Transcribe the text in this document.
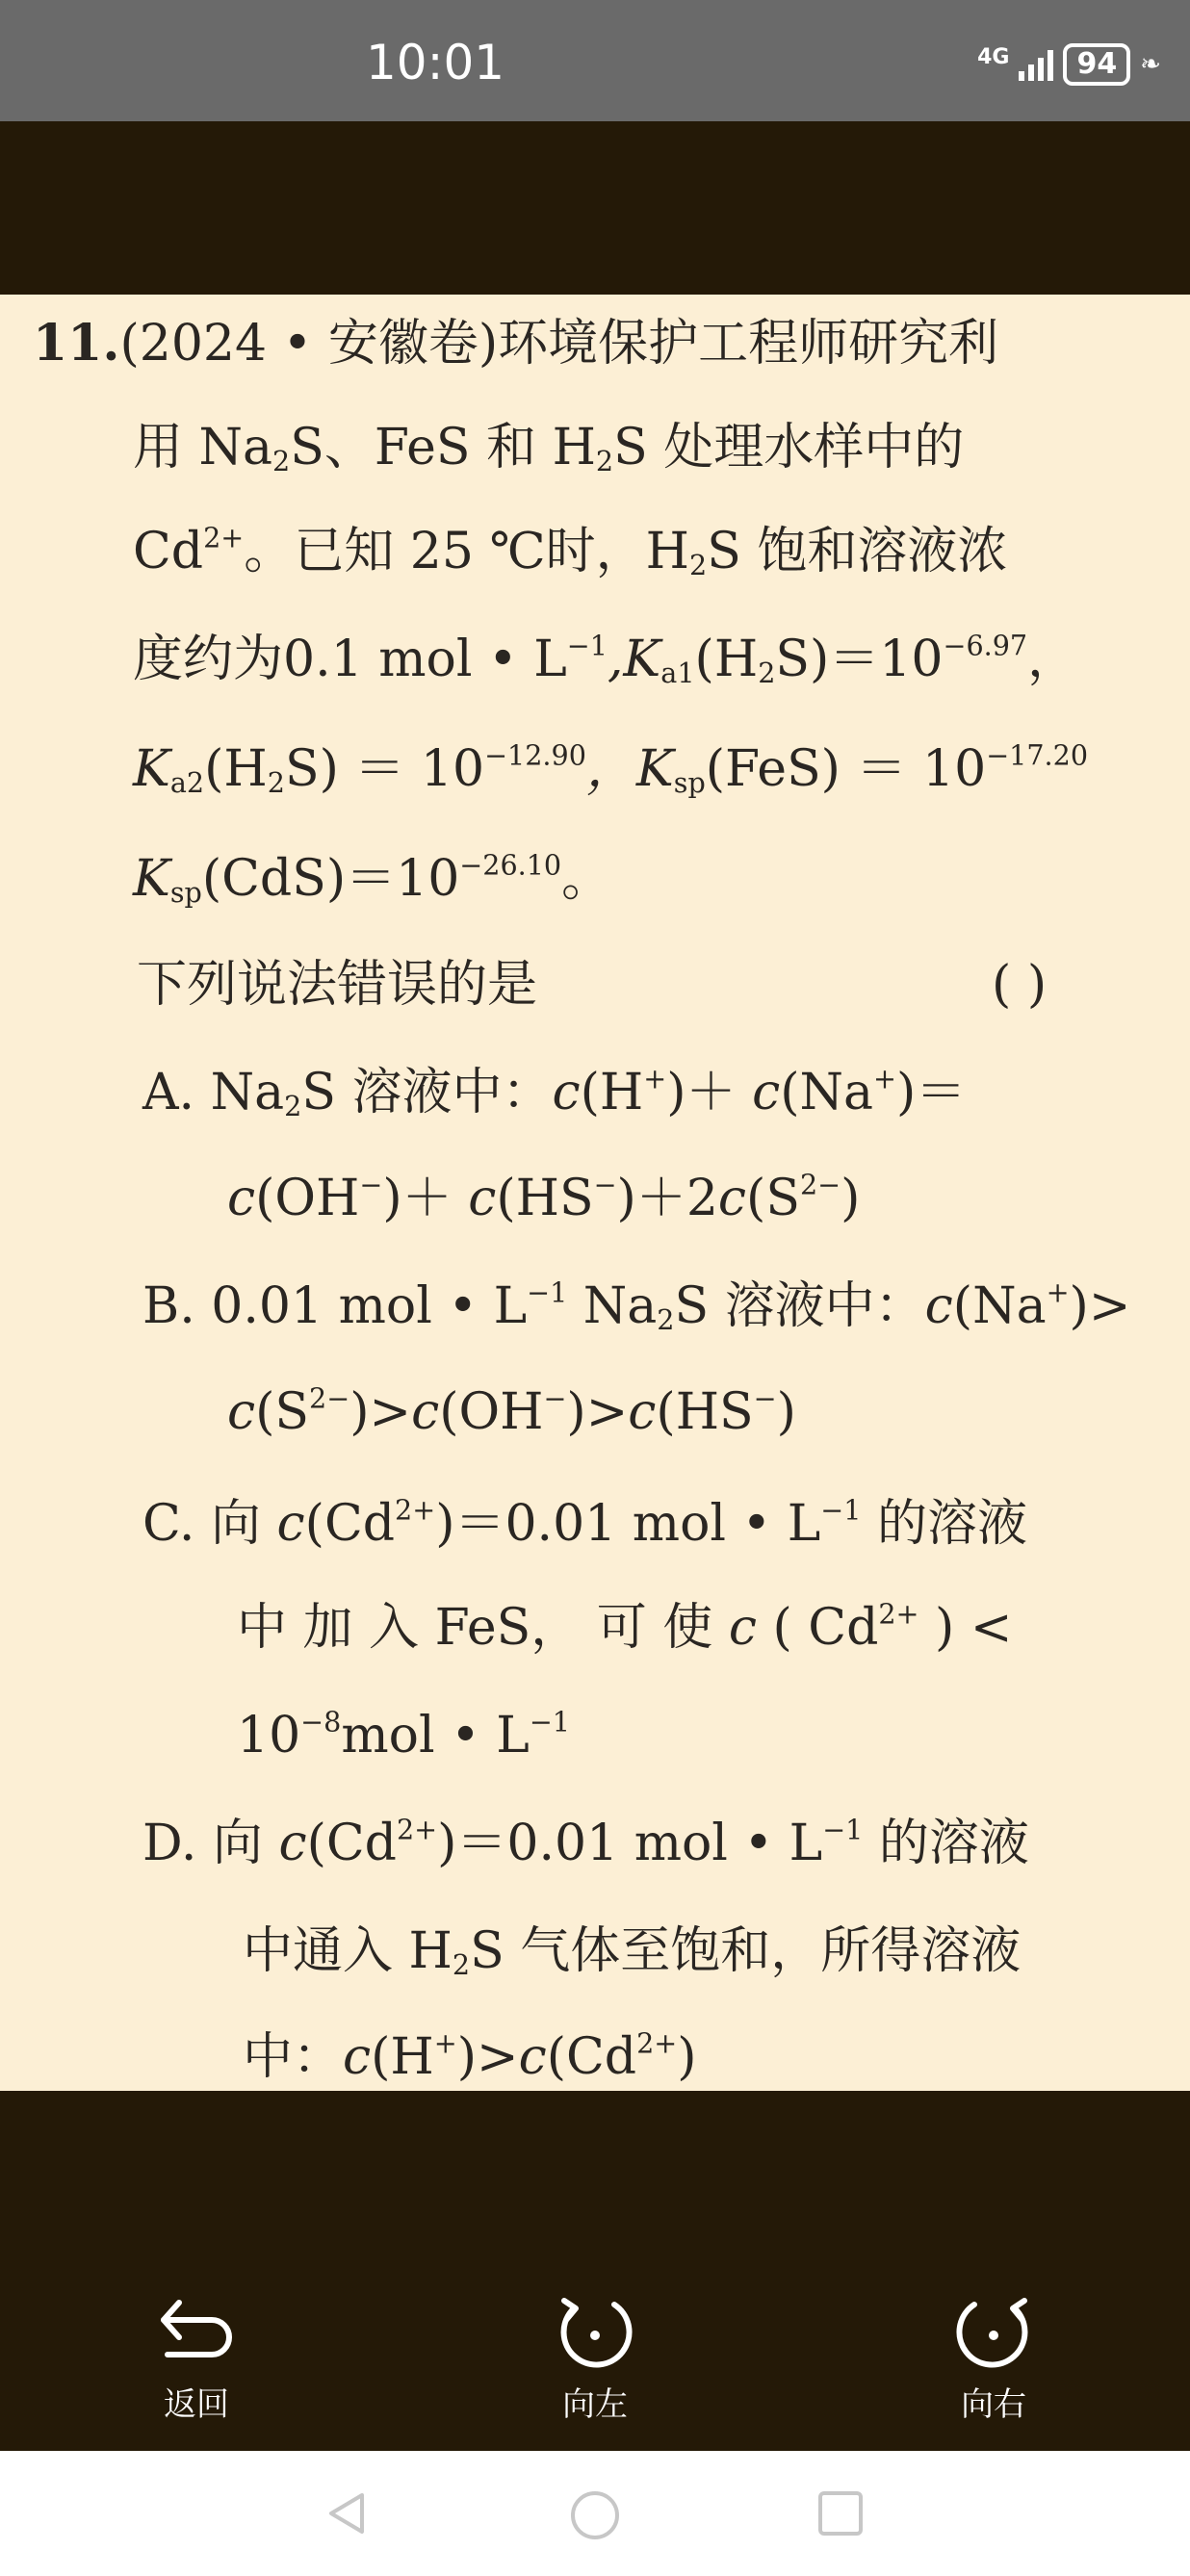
10:01	4G	94 ❧
11.(2024 • 安徽卷)环境保护工程师研究利
用 $Na_2S$、FeS 和 $H_2S$ 处理水样中的
$Cd^{2+}$。已知 25 ℃时，$H_2S$ 饱和溶液浓
度约为0.1 mol • $L^{-1},K_{a1}(H_2S)=10^{-6.97}$，
$K_{a2}(H_2S) = 10^{-12.90}$，$K_{sp}(FeS) = 10^{-17.20}$
$K_{sp}(CdS)=10^{-26.10}$。
下列说法错误的是	( )
A. $Na_2S$ 溶液中：c(H+)＋ c(Na+)＝
$c(OH^-)+ c(HS^-)+2c(S^{2-})$
B. 0.01 mol • $L^{-1}$ $Na_2S$ 溶液中：c(Na+)>
$c(S^{2-})>c(OH^-)>c(HS^-)$
C. 向 $c(Cd^{2+})=0.01$ mol • $L^{-1}$ 的溶液
中 加 入 FeS， 可 使 c ( $Cd^{2+}$ ) <
$10^{-8}mol$ • $L^{-1}$
D. 向 $c(Cd^{2+})=0.01$ mol • $L^{-1}$ 的溶液
中通入 $H_2S$ 气体至饱和，所得溶液
中：$c(H^+)>c(Cd^{2+})$
返回	向左	向右
